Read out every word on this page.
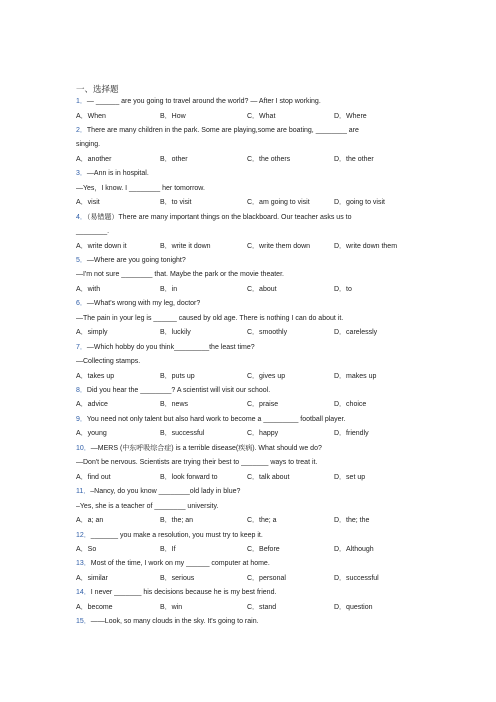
一、选择题
1．— ______ are you going to travel around the world? — After I stop working.
A．When	B．How	C．What	D．Where
2．There are many children in the park. Some are playing,some are boating, ________ are
singing.
A．another	B．other	C．the others	D．the other
3．—Ann is in hospital.
—Yes，I know. I ________ her tomorrow.
A．visit	B．to visit	C．am going to visit	D．going to visit
4．（易错题）There are many important things on the blackboard. Our teacher asks us to
________.
A．write down it	B．write it down	C．write them down	D．write down them
5．—Where are you going tonight?
—I'm not sure ________ that. Maybe the park or the movie theater.
A．with	B．in	C．about	D．to
6．—What's wrong with my leg, doctor?
—The pain in your leg is ______ caused by old age. There is nothing I can do about it.
A．simply	B．luckily	C．smoothly	D．carelessly
7．—Which hobby do you think_________the least time?
—Collecting stamps.
A．takes up	B．puts up	C．gives up	D．makes up
8．Did you hear the ________? A scientist will visit our school.
A．advice	B．news	C．praise	D．choice
9．You need not only talent but also hard work to become a _________ football player.
A．young	B．successful	C．happy	D．friendly
10．—MERS (中东呼吸综合症) is a terrible disease(疾病). What should we do?
—Don't be nervous. Scientists are trying their best to _______ ways to treat it.
A．find out	B．look forward to	C．talk about	D．set up
11．–Nancy, do you know ________old lady in blue?
–Yes, she is a teacher of ________ university.
A．a; an	B．the; an	C．the; a	D．the; the
12．_______ you make a resolution, you must try to keep it.
A．So	B．If	C．Before	D．Although
13．Most of the time, I work on my ______ computer at home.
A．similar	B．serious	C．personal	D．successful
14．I never _______ his decisions because he is my best friend.
A．become	B．win	C．stand	D．question
15．——Look, so many clouds in the sky. It's going to rain.
